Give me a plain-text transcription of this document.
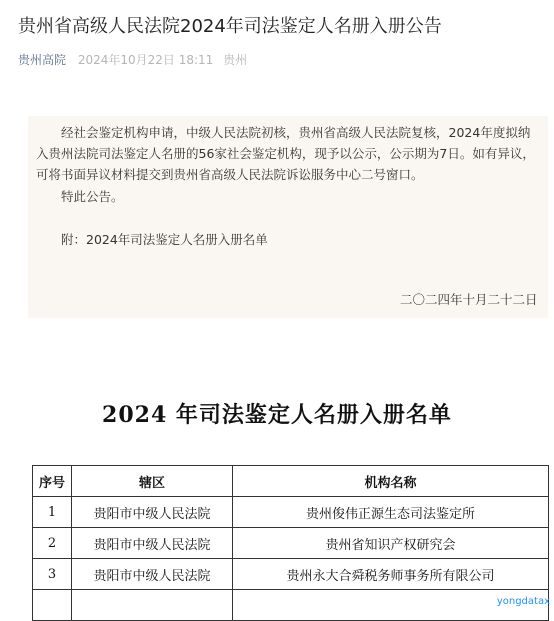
贵州省高级人民法院2024年司法鉴定人名册入册公告
贵州高院 2024年10月22日 18:11 贵州
经社会鉴定机构申请，中级人民法院初核，贵州省高级人民法院复核，2024年度拟纳入贵州法院司法鉴定人名册的56家社会鉴定机构，现予以公示，公示期为7日。如有异议，可将书面异议材料提交到贵州省高级人民法院诉讼服务中心二号窗口。
特此公告。
附：2024年司法鉴定人名册入册名单
二〇二四年十月二十二日
2024 年司法鉴定人名册入册名单
序号	辖区	机构名称
1	贵阳市中级人民法院	贵州俊伟正源生态司法鉴定所
2	贵阳市中级人民法院	贵州省知识产权研究会
3	贵阳市中级人民法院	贵州永大合舜税务师事务所有限公司

yongdatax
